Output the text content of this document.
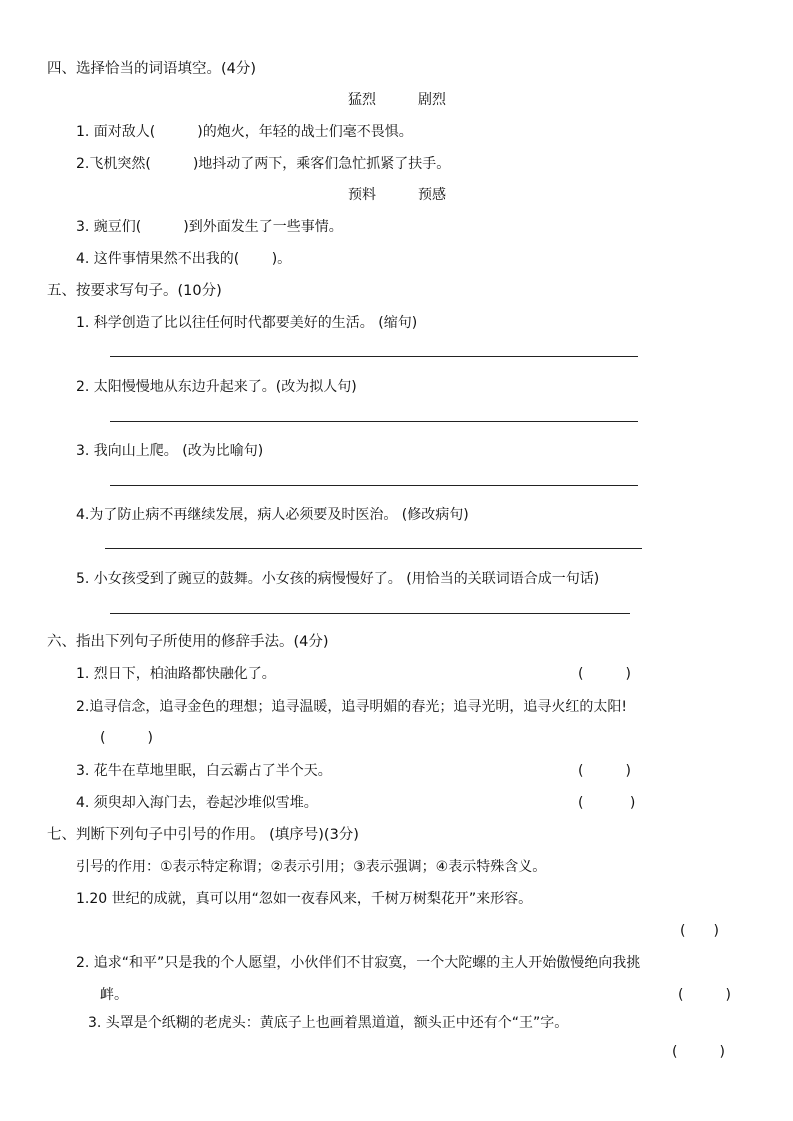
四、选择恰当的词语填空。(4分)
猛烈　　　剧烈
1. 面对敌人(　　　)的炮火，年轻的战士们毫不畏惧。
2.飞机突然(　　　)地抖动了两下，乘客们急忙抓紧了扶手。
预料　　　预感
3. 豌豆们(　　　)到外面发生了一些事情。
4. 这件事情果然不出我的(　　 )。
五、按要求写句子。(10分)
1. 科学创造了比以往任何时代都要美好的生活。 (缩句)
2. 太阳慢慢地从东边升起来了。(改为拟人句)
3. 我向山上爬。 (改为比喻句)
4.为了防止病不再继续发展，病人必须要及时医治。 (修改病句)
5. 小女孩受到了豌豆的鼓舞。小女孩的病慢慢好了。 (用恰当的关联词语合成一句话)
六、指出下列句子所使用的修辞手法。(4分)
1. 烈日下，柏油路都快融化了。	(　　　)
2.追寻信念，追寻金色的理想；追寻温暖，追寻明媚的春光；追寻光明，追寻火红的太阳!
(　　　)
3. 花牛在草地里眠，白云霸占了半个天。	(　　　)
4. 须臾却入海门去，卷起沙堆似雪堆。	(　　　 )
七、判断下列句子中引号的作用。 (填序号)(3分)
引号的作用：①表示特定称谓；②表示引用；③表示强调；④表示特殊含义。
1.20 世纪的成就，真可以用“忽如一夜春风来，千树万树梨花开”来形容。
(　　)
2. 追求“和平”只是我的个人愿望，小伙伴们不甘寂寞，一个大陀螺的主人开始傲慢绝向我挑
衅。	(　　　)
3. 头罩是个纸糊的老虎头：黄底子上也画着黑道道，额头正中还有个“王”字。
(　　　)
